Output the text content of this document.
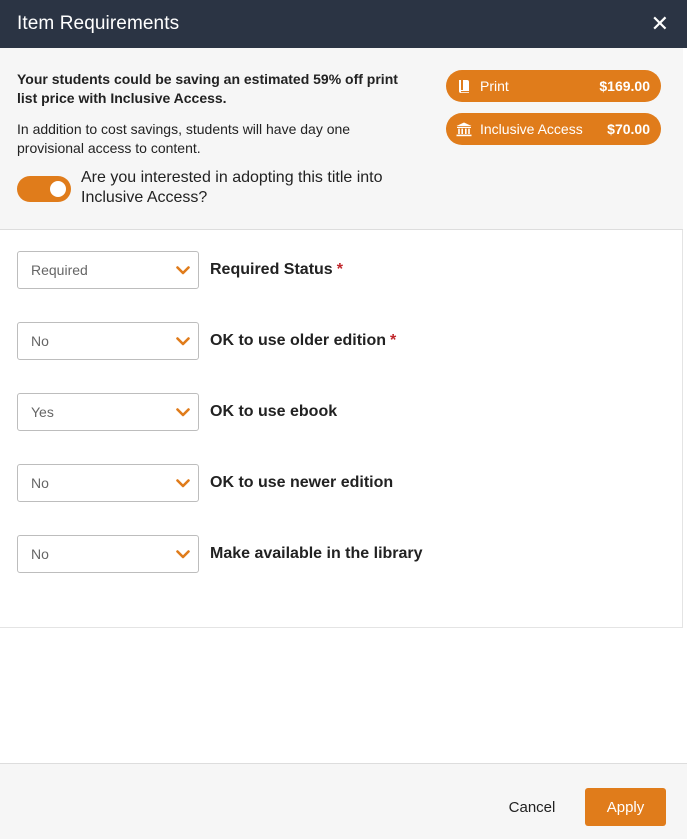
Item Requirements	✕
Your students could be saving an estimated 59% off print list price with Inclusive Access.
In addition to cost savings, students will have day one provisional access to content.
Print	$169.00
Inclusive Access	$70.00
Are you interested in adopting this title into Inclusive Access?
Required	Required Status *
No	OK to use older edition *
Yes	OK to use ebook
No	OK to use newer edition
No	Make available in the library
Cancel	Apply
